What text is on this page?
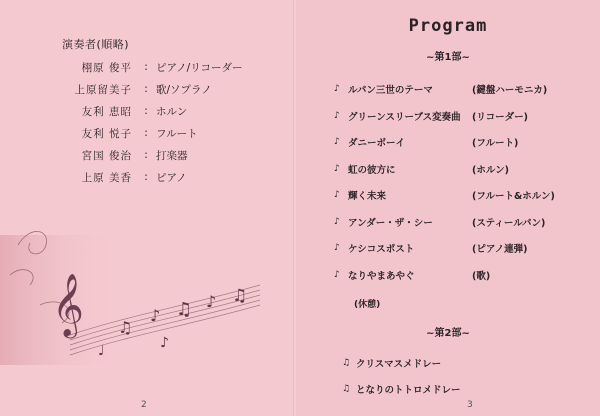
演奏者(順略)
栩原 俊平	: ピアノ/リコーダー
上原留美子	: 歌/ソプラノ
友利 恵昭	: ホルン
友利 悦子	: フルート
宮国 俊治	: 打楽器
上原 美香	: ピアノ
𝄞 ♫
♪ ♫ ♪ ♫
♩	♪
2
Program
~第1部~
♪ ルパン三世のテーマ	(鍵盤ハーモニカ)
♪ グリーンスリーブス変奏曲	(リコーダー)
♪ ダニーボーイ	(フルート)
♪ 虹の彼方に	(ホルン)
♪ 輝く未来	(フルート&ホルン)
♪ アンダー・ザ・シー	(スティールパン)
♪ ケシコスポスト	(ピアノ連弾)
♪ なりやまあやぐ	(歌)
(休憩)
~第2部~
♫ クリスマスメドレー
♫ となりのトトロメドレー
3
